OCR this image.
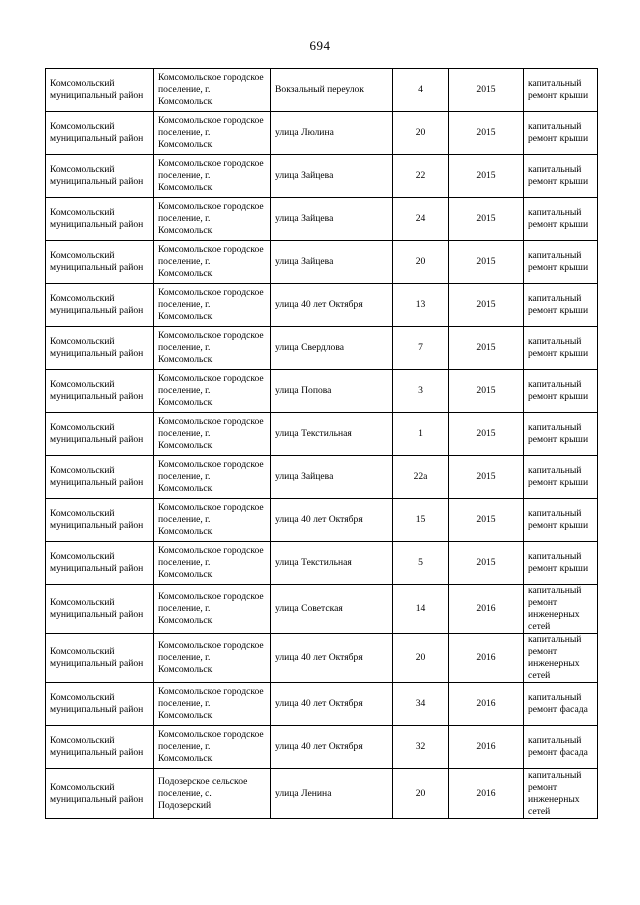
694
Комсомольский муниципальный район	Комсомольское городское поселение, г. Комсомольск	Вокзальный переулок	4	2015	капитальный ремонт крыши
Комсомольский муниципальный район	Комсомольское городское поселение, г. Комсомольск	улица Люлина	20	2015	капитальный ремонт крыши
Комсомольский муниципальный район	Комсомольское городское поселение, г. Комсомольск	улица Зайцева	22	2015	капитальный ремонт крыши
Комсомольский муниципальный район	Комсомольское городское поселение, г. Комсомольск	улица Зайцева	24	2015	капитальный ремонт крыши
Комсомольский муниципальный район	Комсомольское городское поселение, г. Комсомольск	улица Зайцева	20	2015	капитальный ремонт крыши
Комсомольский муниципальный район	Комсомольское городское поселение, г. Комсомольск	улица 40 лет Октября	13	2015	капитальный ремонт крыши
Комсомольский муниципальный район	Комсомольское городское поселение, г. Комсомольск	улица Свердлова	7	2015	капитальный ремонт крыши
Комсомольский муниципальный район	Комсомольское городское поселение, г. Комсомольск	улица Попова	3	2015	капитальный ремонт крыши
Комсомольский муниципальный район	Комсомольское городское поселение, г. Комсомольск	улица Текстильная	1	2015	капитальный ремонт крыши
Комсомольский муниципальный район	Комсомольское городское поселение, г. Комсомольск	улица Зайцева	22а	2015	капитальный ремонт крыши
Комсомольский муниципальный район	Комсомольское городское поселение, г. Комсомольск	улица 40 лет Октября	15	2015	капитальный ремонт крыши
Комсомольский муниципальный район	Комсомольское городское поселение, г. Комсомольск	улица Текстильная	5	2015	капитальный ремонт крыши
Комсомольский муниципальный район	Комсомольское городское поселение, г. Комсомольск	улица Советская	14	2016	капитальный ремонт инженерных сетей
Комсомольский муниципальный район	Комсомольское городское поселение, г. Комсомольск	улица 40 лет Октября	20	2016	капитальный ремонт инженерных сетей
Комсомольский муниципальный район	Комсомольское городское поселение, г. Комсомольск	улица 40 лет Октября	34	2016	капитальный ремонт фасада
Комсомольский муниципальный район	Комсомольское городское поселение, г. Комсомольск	улица 40 лет Октября	32	2016	капитальный ремонт фасада
Комсомольский муниципальный район	Подозерское сельское поселение, с. Подозерский	улица Ленина	20	2016	капитальный ремонт инженерных сетей
